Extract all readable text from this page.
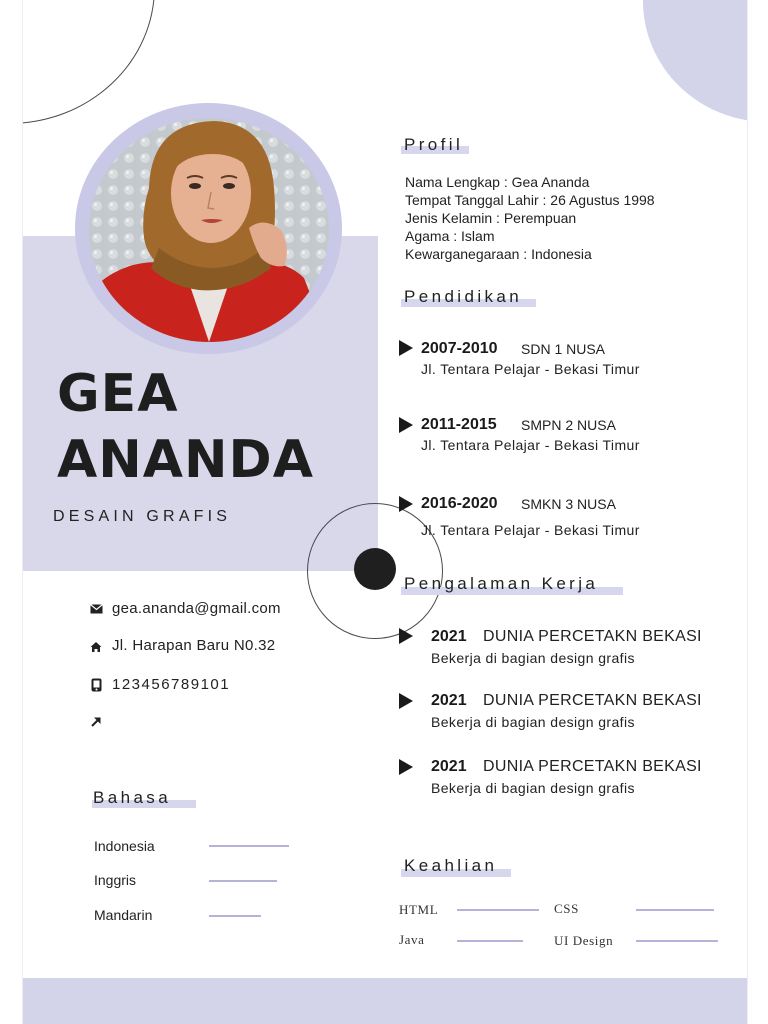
GEA
ANANDA
DESAIN GRAFIS
gea.ananda@gmail.com
Jl. Harapan Baru N0.32
123456789101
Bahasa
Indonesia
Inggris
Mandarin
Profil
Nama Lengkap : Gea Ananda
Tempat Tanggal Lahir : 26 Agustus 1998
Jenis Kelamin : Perempuan
Agama : Islam
Kewarganegaraan : Indonesia
Pendidikan
2007-2010 SDN 1 NUSA
Jl. Tentara Pelajar - Bekasi Timur
2011-2015 SMPN 2 NUSA
Jl. Tentara Pelajar - Bekasi Timur
2016-2020 SMKN 3 NUSA
Jl. Tentara Pelajar - Bekasi Timur
Pengalaman Kerja
2021 DUNIA PERCETAKN BEKASI
Bekerja di bagian design grafis
2021 DUNIA PERCETAKN BEKASI
Bekerja di bagian design grafis
2021 DUNIA PERCETAKN BEKASI
Bekerja di bagian design grafis
Keahlian
HTML	CSS
Java	UI Design
